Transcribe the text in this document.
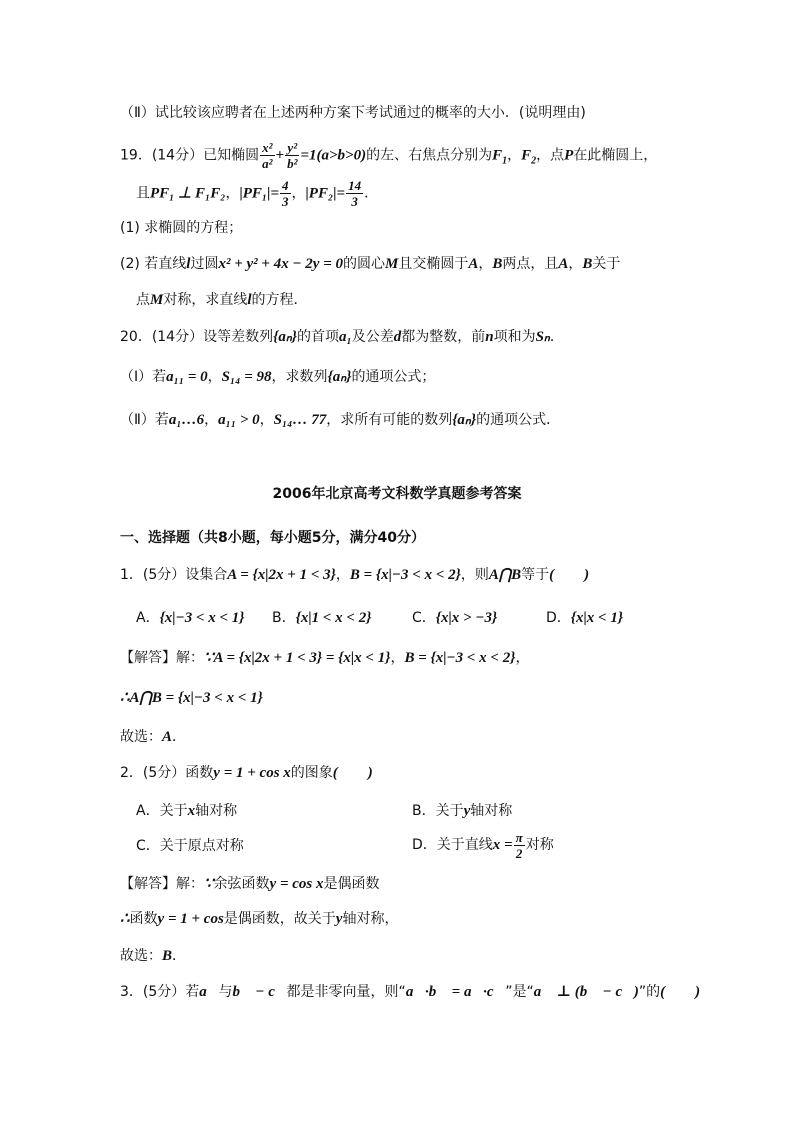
（Ⅱ）试比较该应聘者在上述两种方案下考试通过的概率的大小．(说明理由)
19．(14分）已知椭圆 $\frac{\text{x²}}{\text{a²}} + \frac{\text{y²}}{\text{b²}} =1(a>b>0)$的左、右焦点分别为$F_1$，$F_2$，点P在此椭圆上，
且PF₁ ⊥ F₁F₂，$|PF_1|= \frac{4}{3}$ ，$|PF_2|= \frac{14}{3}$ ．
(1) 求椭圆的方程；
(2) 若直线l过圆x² + y² + 4x − 2y = 0的圆心M且交椭圆于A，B两点，且A，B关于
点M对称，求直线l的方程．
20．(14分）设等差数列{aₙ}的首项a₁及公差d都为整数，前n项和为Sₙ．
（Ⅰ）若a₁₁ = 0，S₁₄ = 98，求数列{aₙ}的通项公式；
（Ⅱ）若a₁…6，a₁₁ > 0，S₁₄… 77，求所有可能的数列{aₙ}的通项公式．
2006年北京高考文科数学真题参考答案
一、选择题（共8小题，每小题5分，满分40分）
1．(5分）设集合A = {x|2x + 1 < 3}，B = {x|−3 < x < 2}，则A⋂B等于(　　)
A．{x|−3 < x < 1} B．{x|1 < x < 2}	C．{x|x > −3}	D．{x|x < 1}
【解答】解：∵A = {x|2x + 1 < 3} = {x|x < 1}，B = {x|−3 < x < 2}，
∴A⋂B = {x|−3 < x < 1}
故选：A．
2．(5分）函数y = 1 + cos x的图象(　　)
A．关于x轴对称	B．关于y轴对称
C．关于原点对称	D．关于直线$x = \frac{\pi}{2}$ 对称
【解答】解：∵余弦函数y = cos x是偶函数
∴函数y = 1 + cos是偶函数，故关于y轴对称，
故选：B．
3．(5分）若a⃗与b⃗ − c⃗都是非零向量，则“a⃗·b⃗ = a⃗·c⃗”是“a⃗ ⊥ (b⃗ − c⃗)”的(　　)
